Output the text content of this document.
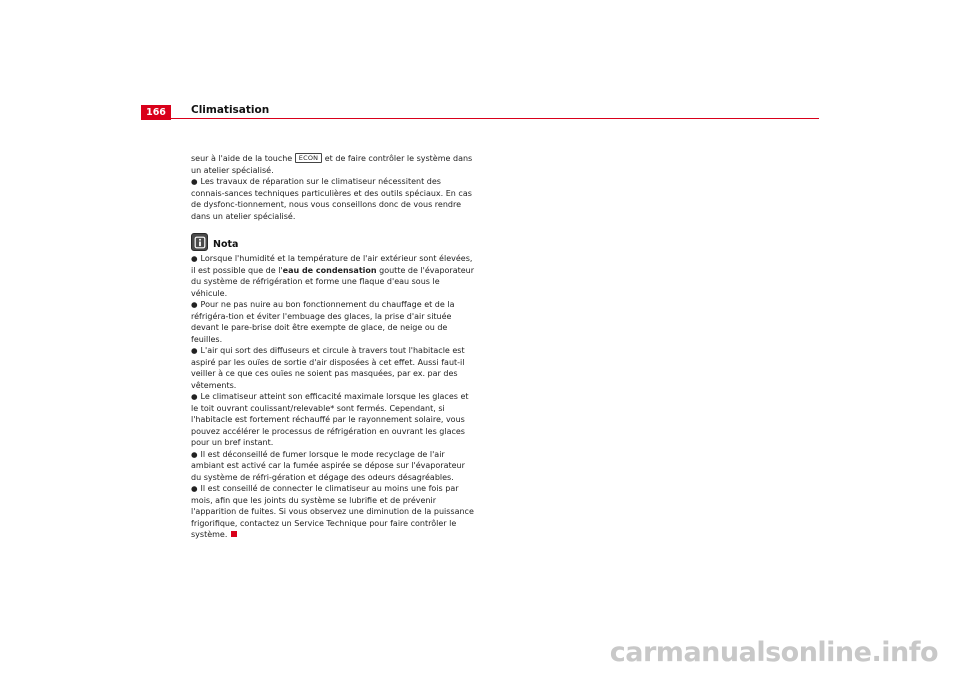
166	Climatisation

seur à l'aide de la touche ECON et de faire contrôler le système dans un atelier spécialisé.

● Les travaux de réparation sur le climatiseur nécessitent des connais-sances techniques particulières et des outils spéciaux. En cas de dysfonc-tionnement, nous vous conseillons donc de vous rendre dans un atelier spécialisé.

Nota

● Lorsque l'humidité et la température de l'air extérieur sont élevées, il est possible que de l'eau de condensation goutte de l'évaporateur du système de réfrigération et forme une flaque d'eau sous le véhicule.

● Pour ne pas nuire au bon fonctionnement du chauffage et de la réfrigéra-tion et éviter l'embuage des glaces, la prise d'air située devant le pare-brise doit être exempte de glace, de neige ou de feuilles.

● L'air qui sort des diffuseurs et circule à travers tout l'habitacle est aspiré par les ouïes de sortie d'air disposées à cet effet. Aussi faut-il veiller à ce que ces ouïes ne soient pas masquées, par ex. par des vêtements.

● Le climatiseur atteint son efficacité maximale lorsque les glaces et le toit ouvrant coulissant/relevable* sont fermés. Cependant, si l'habitacle est fortement réchauffé par le rayonnement solaire, vous pouvez accélérer le processus de réfrigération en ouvrant les glaces pour un bref instant.

● Il est déconseillé de fumer lorsque le mode recyclage de l'air ambiant est activé car la fumée aspirée se dépose sur l'évaporateur du système de réfri-gération et dégage des odeurs désagréables.

● Il est conseillé de connecter le climatiseur au moins une fois par mois, afin que les joints du système se lubrifie et de prévenir l'apparition de fuites. Si vous observez une diminution de la puissance frigorifique, contactez un Service Technique pour faire contrôler le système.

carmanualsonline.info
